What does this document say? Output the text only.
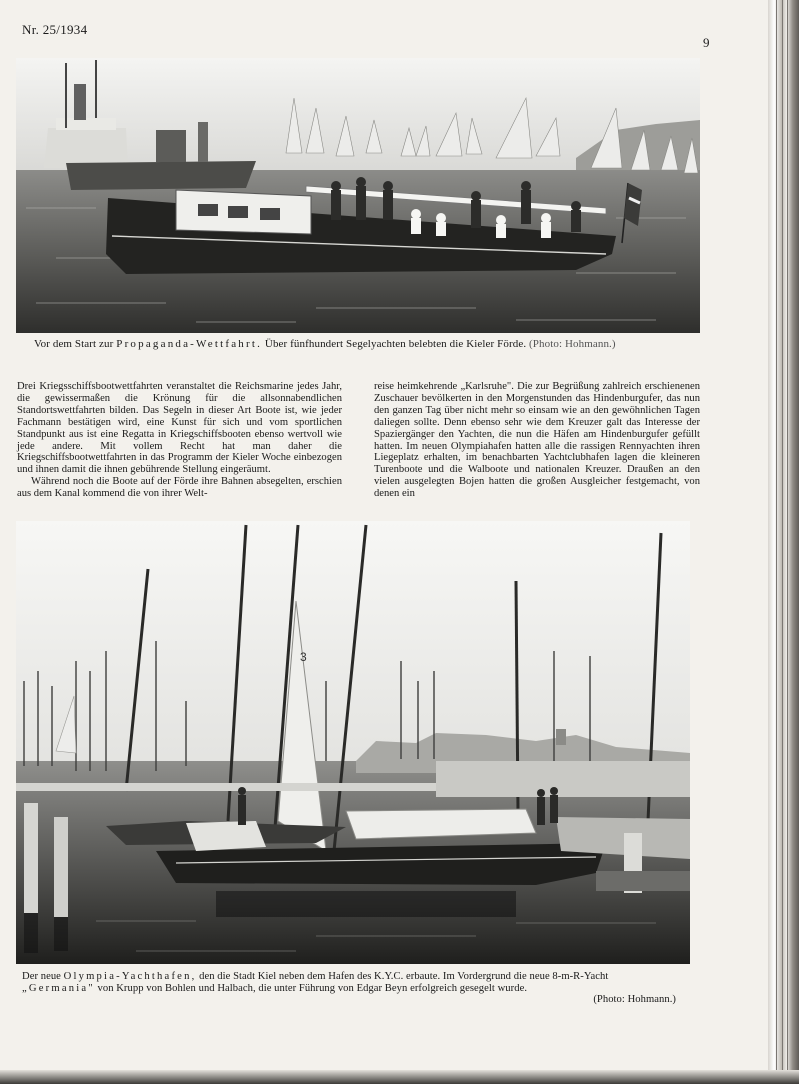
Nr. 25/1934
9
Vor dem Start zur Propaganda-Wettfahrt. Über fünfhundert Segelyachten belebten die Kieler Förde. (Photo: Hohmann.)

Drei Kriegsschiffsbootwettfahrten veranstaltet die Reichsmarine jedes Jahr, die gewissermaßen die Krönung für die allsonnabendlichen Standortswettfahrten bilden. Das Segeln in dieser Art Boote ist, wie jeder Fachmann bestätigen wird, eine Kunst für sich und vom sportlichen Standpunkt aus ist eine Regatta in Kriegschiffsbooten ebenso wertvoll wie jede andere. Mit vollem Recht hat man daher die Kriegschiffsbootwettfahrten in das Programm der Kieler Woche einbezogen und ihnen damit die ihnen gebührende Stellung eingeräumt.

Während noch die Boote auf der Förde ihre Bahnen absegelten, erschien aus dem Kanal kommend die von ihrer Welt-

reise heimkehrende „Karlsruhe". Die zur Begrüßung zahlreich erschienenen Zuschauer bevölkerten in den Morgenstunden das Hindenburgufer, das nun den ganzen Tag über nicht mehr so einsam wie an den gewöhnlichen Tagen daliegen sollte. Denn ebenso sehr wie dem Kreuzer galt das Interesse der Spaziergänger den Yachten, die nun die Häfen am Hindenburgufer gefüllt hatten. Im neuen Olympiahafen hatten alle die rassigen Rennyachten ihren Liegeplatz erhalten, im benachbarten Yachtclubhafen lagen die kleineren Turenboote und die Walboote und nationalen Kreuzer. Draußen an den vielen ausgelegten Bojen hatten die großen Ausgleicher festgemacht, von denen ein

3
Der neue Olympia-Yachthafen, den die Stadt Kiel neben dem Hafen des K.Y.C. erbaute. Im Vordergrund die neue 8-m-R-Yacht „Germania" von Krupp von Bohlen und Halbach, die unter Führung von Edgar Beyn erfolgreich gesegelt wurde.
(Photo: Hohmann.)
